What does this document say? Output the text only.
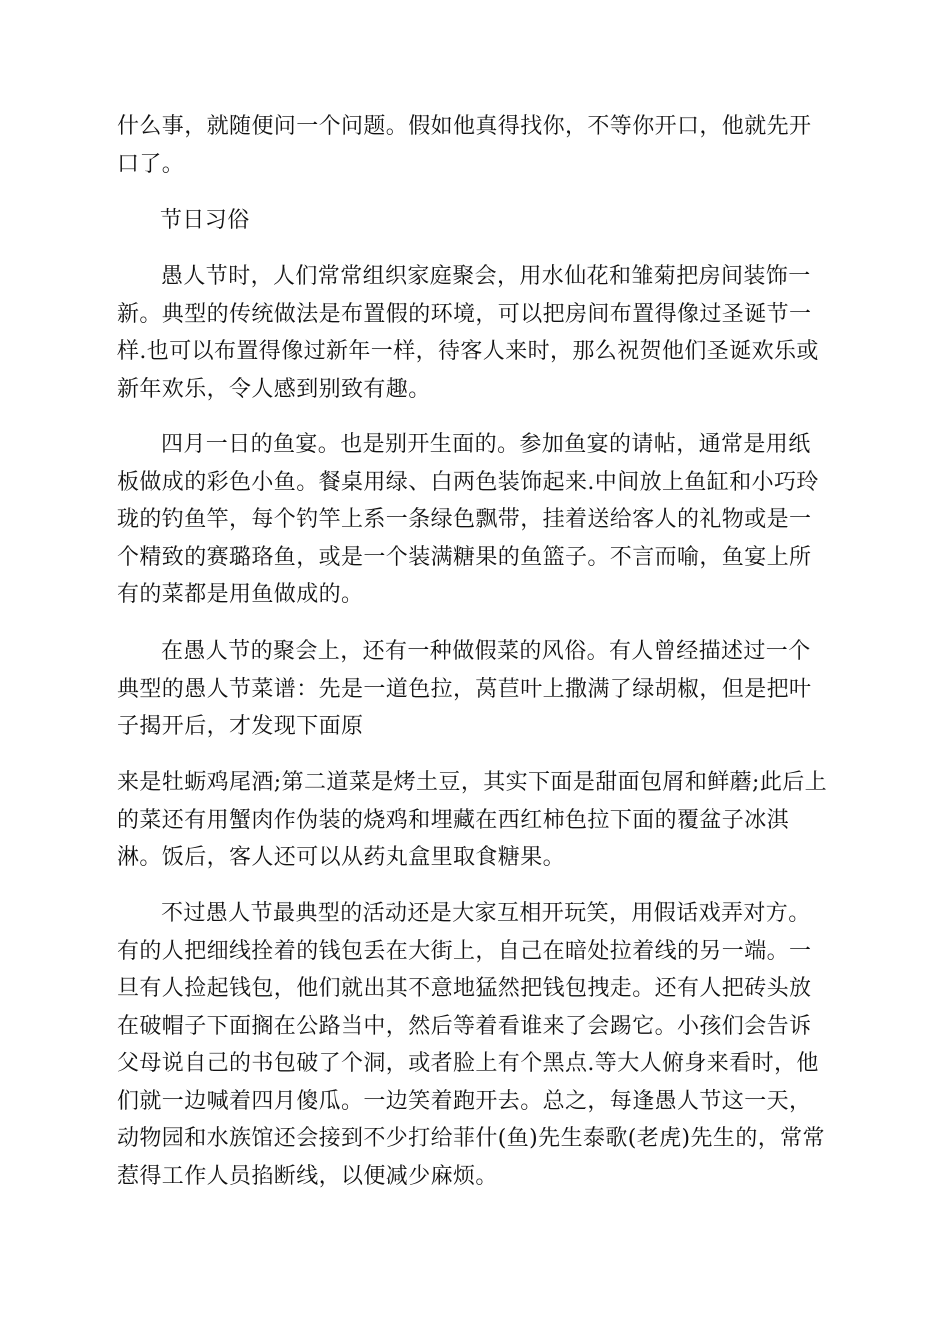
什么事，就随便问一个问题。假如他真得找你，不等你开口，他就先开口了。

节日习俗

愚人节时，人们常常组织家庭聚会，用水仙花和雏菊把房间装饰一新。典型的传统做法是布置假的环境，可以把房间布置得像过圣诞节一样.也可以布置得像过新年一样，待客人来时，那么祝贺他们圣诞欢乐或新年欢乐，令人感到别致有趣。

四月一日的鱼宴。也是别开生面的。参加鱼宴的请帖，通常是用纸板做成的彩色小鱼。餐桌用绿、白两色装饰起来.中间放上鱼缸和小巧玲珑的钓鱼竿，每个钓竿上系一条绿色飘带，挂着送给客人的礼物或是一个精致的赛璐珞鱼，或是一个装满糖果的鱼篮子。不言而喻，鱼宴上所有的菜都是用鱼做成的。

在愚人节的聚会上，还有一种做假菜的风俗。有人曾经描述过一个典型的愚人节菜谱：先是一道色拉，莴苣叶上撒满了绿胡椒，但是把叶子揭开后，才发现下面原

来是牡蛎鸡尾酒;第二道菜是烤土豆，其实下面是甜面包屑和鲜蘑;此后上的菜还有用蟹肉作伪装的烧鸡和埋藏在西红柿色拉下面的覆盆子冰淇淋。饭后，客人还可以从药丸盒里取食糖果。

不过愚人节最典型的活动还是大家互相开玩笑，用假话戏弄对方。有的人把细线拴着的钱包丢在大街上，自己在暗处拉着线的另一端。一旦有人捡起钱包，他们就出其不意地猛然把钱包拽走。还有人把砖头放在破帽子下面搁在公路当中，然后等着看谁来了会踢它。小孩们会告诉父母说自己的书包破了个洞，或者脸上有个黑点.等大人俯身来看时，他们就一边喊着四月傻瓜。一边笑着跑开去。总之，每逢愚人节这一天，动物园和水族馆还会接到不少打给菲什(鱼)先生泰歌(老虎)先生的，常常惹得工作人员掐断线，以便减少麻烦。
